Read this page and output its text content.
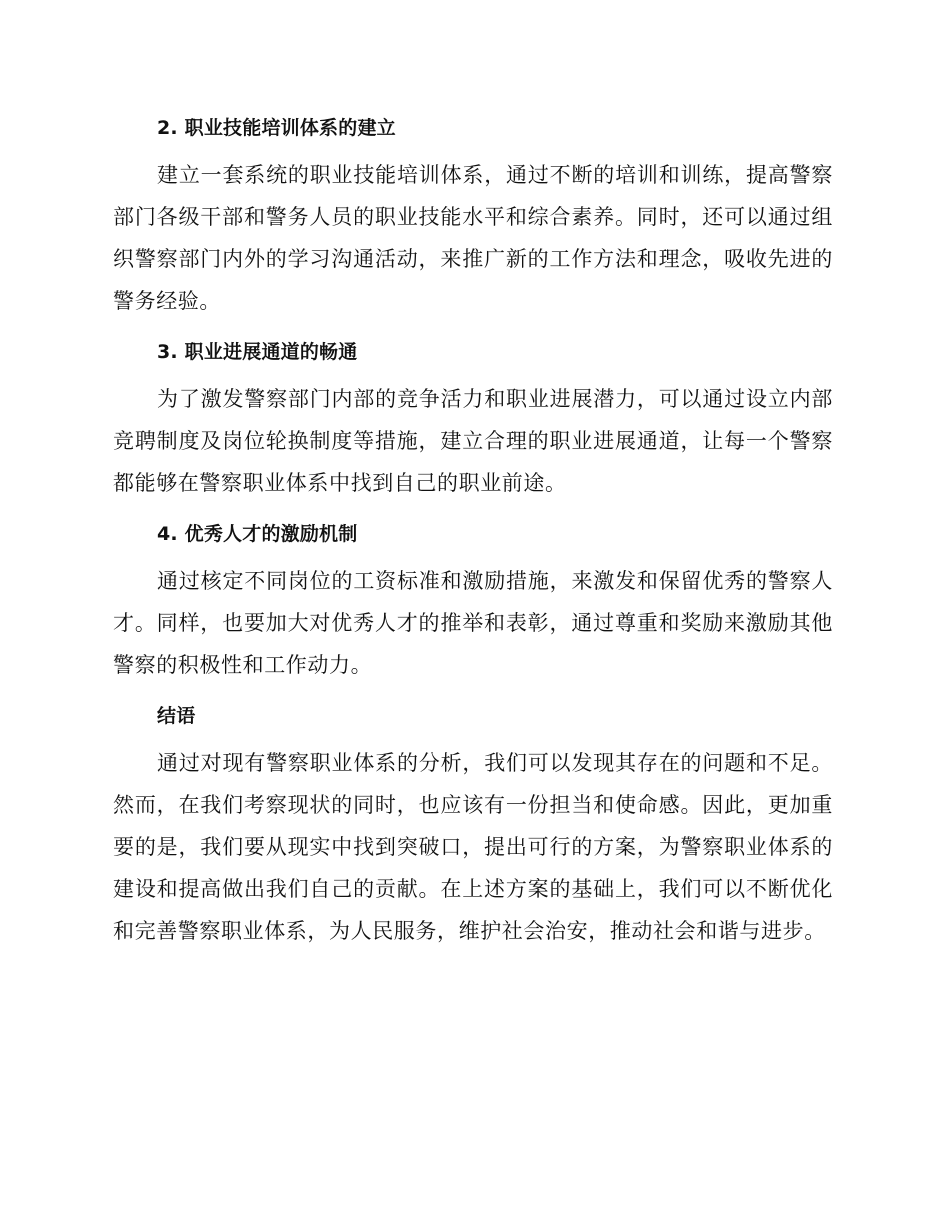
2. 职业技能培训体系的建立

建立一套系统的职业技能培训体系，通过不断的培训和训练，提高警察部门各级干部和警务人员的职业技能水平和综合素养。同时，还可以通过组织警察部门内外的学习沟通活动，来推广新的工作方法和理念，吸收先进的警务经验。

3. 职业进展通道的畅通

为了激发警察部门内部的竞争活力和职业进展潜力，可以通过设立内部竞聘制度及岗位轮换制度等措施，建立合理的职业进展通道，让每一个警察都能够在警察职业体系中找到自己的职业前途。

4. 优秀人才的激励机制

通过核定不同岗位的工资标准和激励措施，来激发和保留优秀的警察人才。同样，也要加大对优秀人才的推举和表彰，通过尊重和奖励来激励其他警察的积极性和工作动力。

结语

通过对现有警察职业体系的分析，我们可以发现其存在的问题和不足。然而，在我们考察现状的同时，也应该有一份担当和使命感。因此，更加重要的是，我们要从现实中找到突破口，提出可行的方案，为警察职业体系的建设和提高做出我们自己的贡献。在上述方案的基础上，我们可以不断优化和完善警察职业体系，为人民服务，维护社会治安，推动社会和谐与进步。
